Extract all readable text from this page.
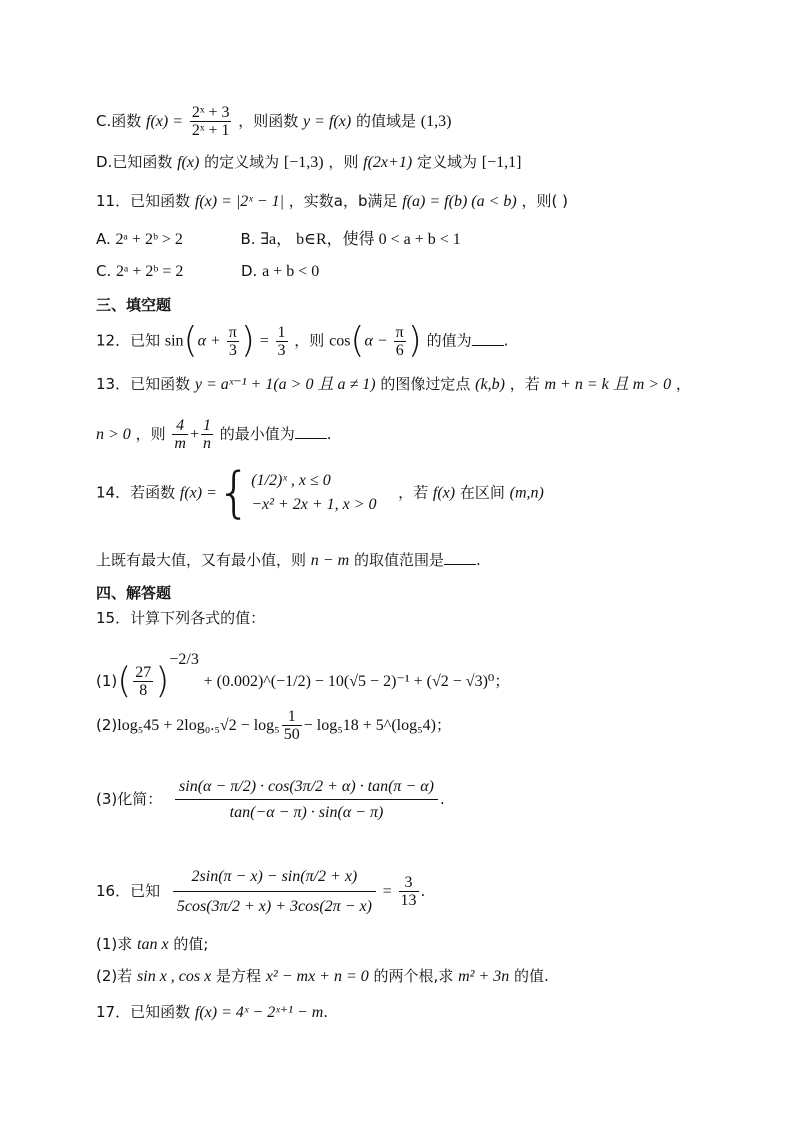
C.函数 $f(x) = \frac{\text{2ˣ + 3}}{\text{2ˣ + 1}}$ ，则函数 y = f(x) 的值域是 (1,3)
D.已知函数 f(x) 的定义域为 [−1,3) ，则 f(2x+1) 定义域为 [−1,1]
11．已知函数 f(x) = |2ˣ − 1| ，实数a，b满足 f(a) = f(b) (a < b) ，则( )
A. 2ᵃ + 2ᵇ > 2	B. ∃a， b∈R，使得 0 < a + b < 1
C. 2ᵃ + 2ᵇ = 2	D. a + b < 0
三、填空题
12．已知 $\sin(\alpha + \frac{\pi}{3}$ ) = $\frac{1}{3}$ ，则 $\cos(\alpha - \frac{\pi}{6}$ ) 的值为 .
13．已知函数 y = aˣ⁻¹ + 1(a > 0 且 a ≠ 1) 的图像过定点 (k,b) ，若 m + n = k 且 m > 0 ，
n > 0 ，则 $\frac{4}{m} + \frac{1}{n}$ 的最小值为 .
14．若函数 f(x) ={ (1/2)ˣ , x ≤ 0
−x² + 2x + 1, x > 0
，若 f(x) 在区间 (m,n)
上既有最大值，又有最小值，则 n − m 的取值范围是 .
四、解答题
15．计算下列各式的值：
$(1)( \frac{27}{8} )^{-2/3}$ + (0.002)^(−1/2) − 10(√5 − 2)⁻¹ + (√2 − √3)⁰；
$(2)\log_545 + 2\log_0._5√2 - \log_5 \frac{1}{50} - \log_518$ + 5^(log₅4)；
(3)化简： $\frac{\sin(\alpha - \pi/2) \cdot \cos(3\pi/2 + \alpha) \cdot \tan(\pi - \alpha)}{\tan(-\alpha - \pi) \cdot \sin(\alpha - \pi)}$ .
16．已知 $\frac{2\sin(\pi - x) - \sin(\pi/2 + x)}{5\cos(3\pi/2 + x) + 3\cos(2\pi - x)} = \frac{3}{13}$ .
(1)求 tan x 的值;
(2)若 sin x , cos x 是方程 x² − mx + n = 0 的两个根,求 m² + 3n 的值.
17．已知函数 f(x) = 4ˣ − 2ˣ⁺¹ − m.
